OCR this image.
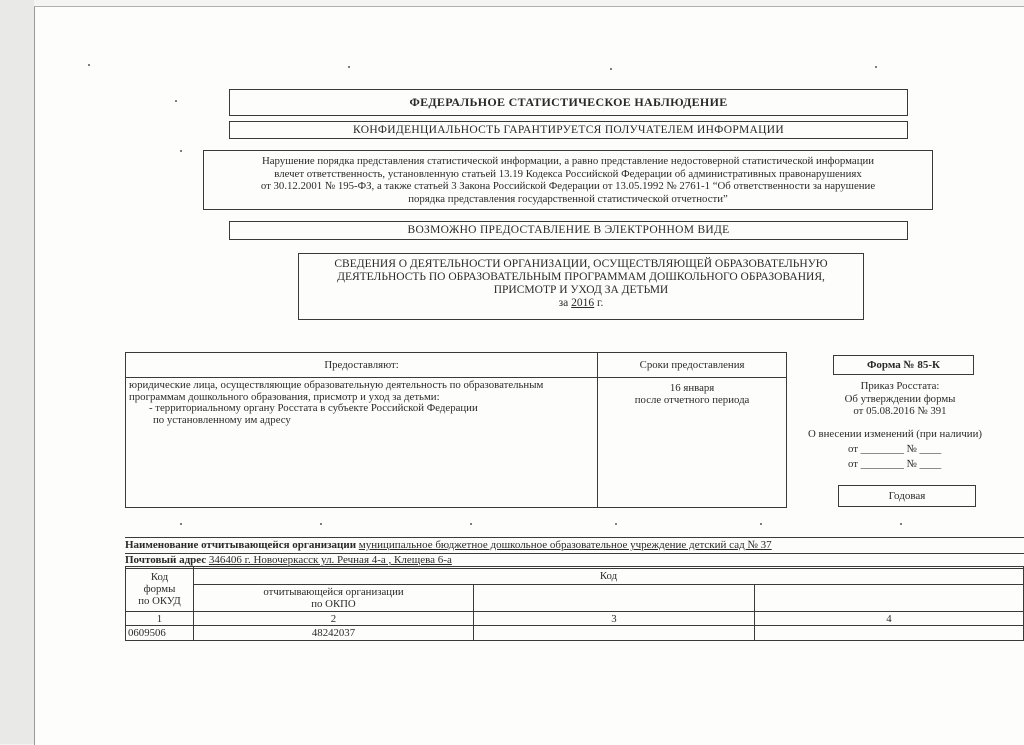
ФЕДЕРАЛЬНОЕ СТАТИСТИЧЕСКОЕ НАБЛЮДЕНИЕ
КОНФИДЕНЦИАЛЬНОСТЬ ГАРАНТИРУЕТСЯ ПОЛУЧАТЕЛЕМ ИНФОРМАЦИИ
Нарушение порядка представления статистической информации, а равно представление недостоверной статистической информации
влечет ответственность, установленную статьей 13.19 Кодекса Российской Федерации об административных правонарушениях
от 30.12.2001 № 195-ФЗ, а также статьей 3 Закона Российской Федерации от 13.05.1992 № 2761-1 “Об ответственности за нарушение
порядка представления государственной статистической отчетности”
ВОЗМОЖНО ПРЕДОСТАВЛЕНИЕ В ЭЛЕКТРОННОМ ВИДЕ
СВЕДЕНИЯ О ДЕЯТЕЛЬНОСТИ ОРГАНИЗАЦИИ, ОСУЩЕСТВЛЯЮЩЕЙ ОБРАЗОВАТЕЛЬНУЮ
ДЕЯТЕЛЬНОСТЬ ПО ОБРАЗОВАТЕЛЬНЫМ ПРОГРАММАМ ДОШКОЛЬНОГО ОБРАЗОВАНИЯ,
ПРИСМОТР И УХОД ЗА ДЕТЬМИ
за 2016 г.
Предоставляют:	Сроки предоставления

юридические лица, осуществляющие образовательную деятельность по образовательным
программам дошкольного образования, присмотр и уход за детьми:
- территориальному органу Росстата в субъекте Российской Федерации
по установленному им адресу	16 января
после отчетного периода
Форма № 85-К
Приказ Росстата:
Об утверждении формы
от 05.08.2016 № 391
О внесении изменений (при наличии)
от ________ № ____
от ________ № ____
Годовая
Наименование отчитывающейся организации муниципальное бюджетное дошкольное образовательное учреждение детский сад № 37
Почтовый адрес 346406 г. Новочеркасск ул. Речная 4-а , Клещева 6-а
Код
формы
по ОКУД	Код		

	отчитывающейся организации
по ОКПО		

1	2	3	4
0609506	48242037		
